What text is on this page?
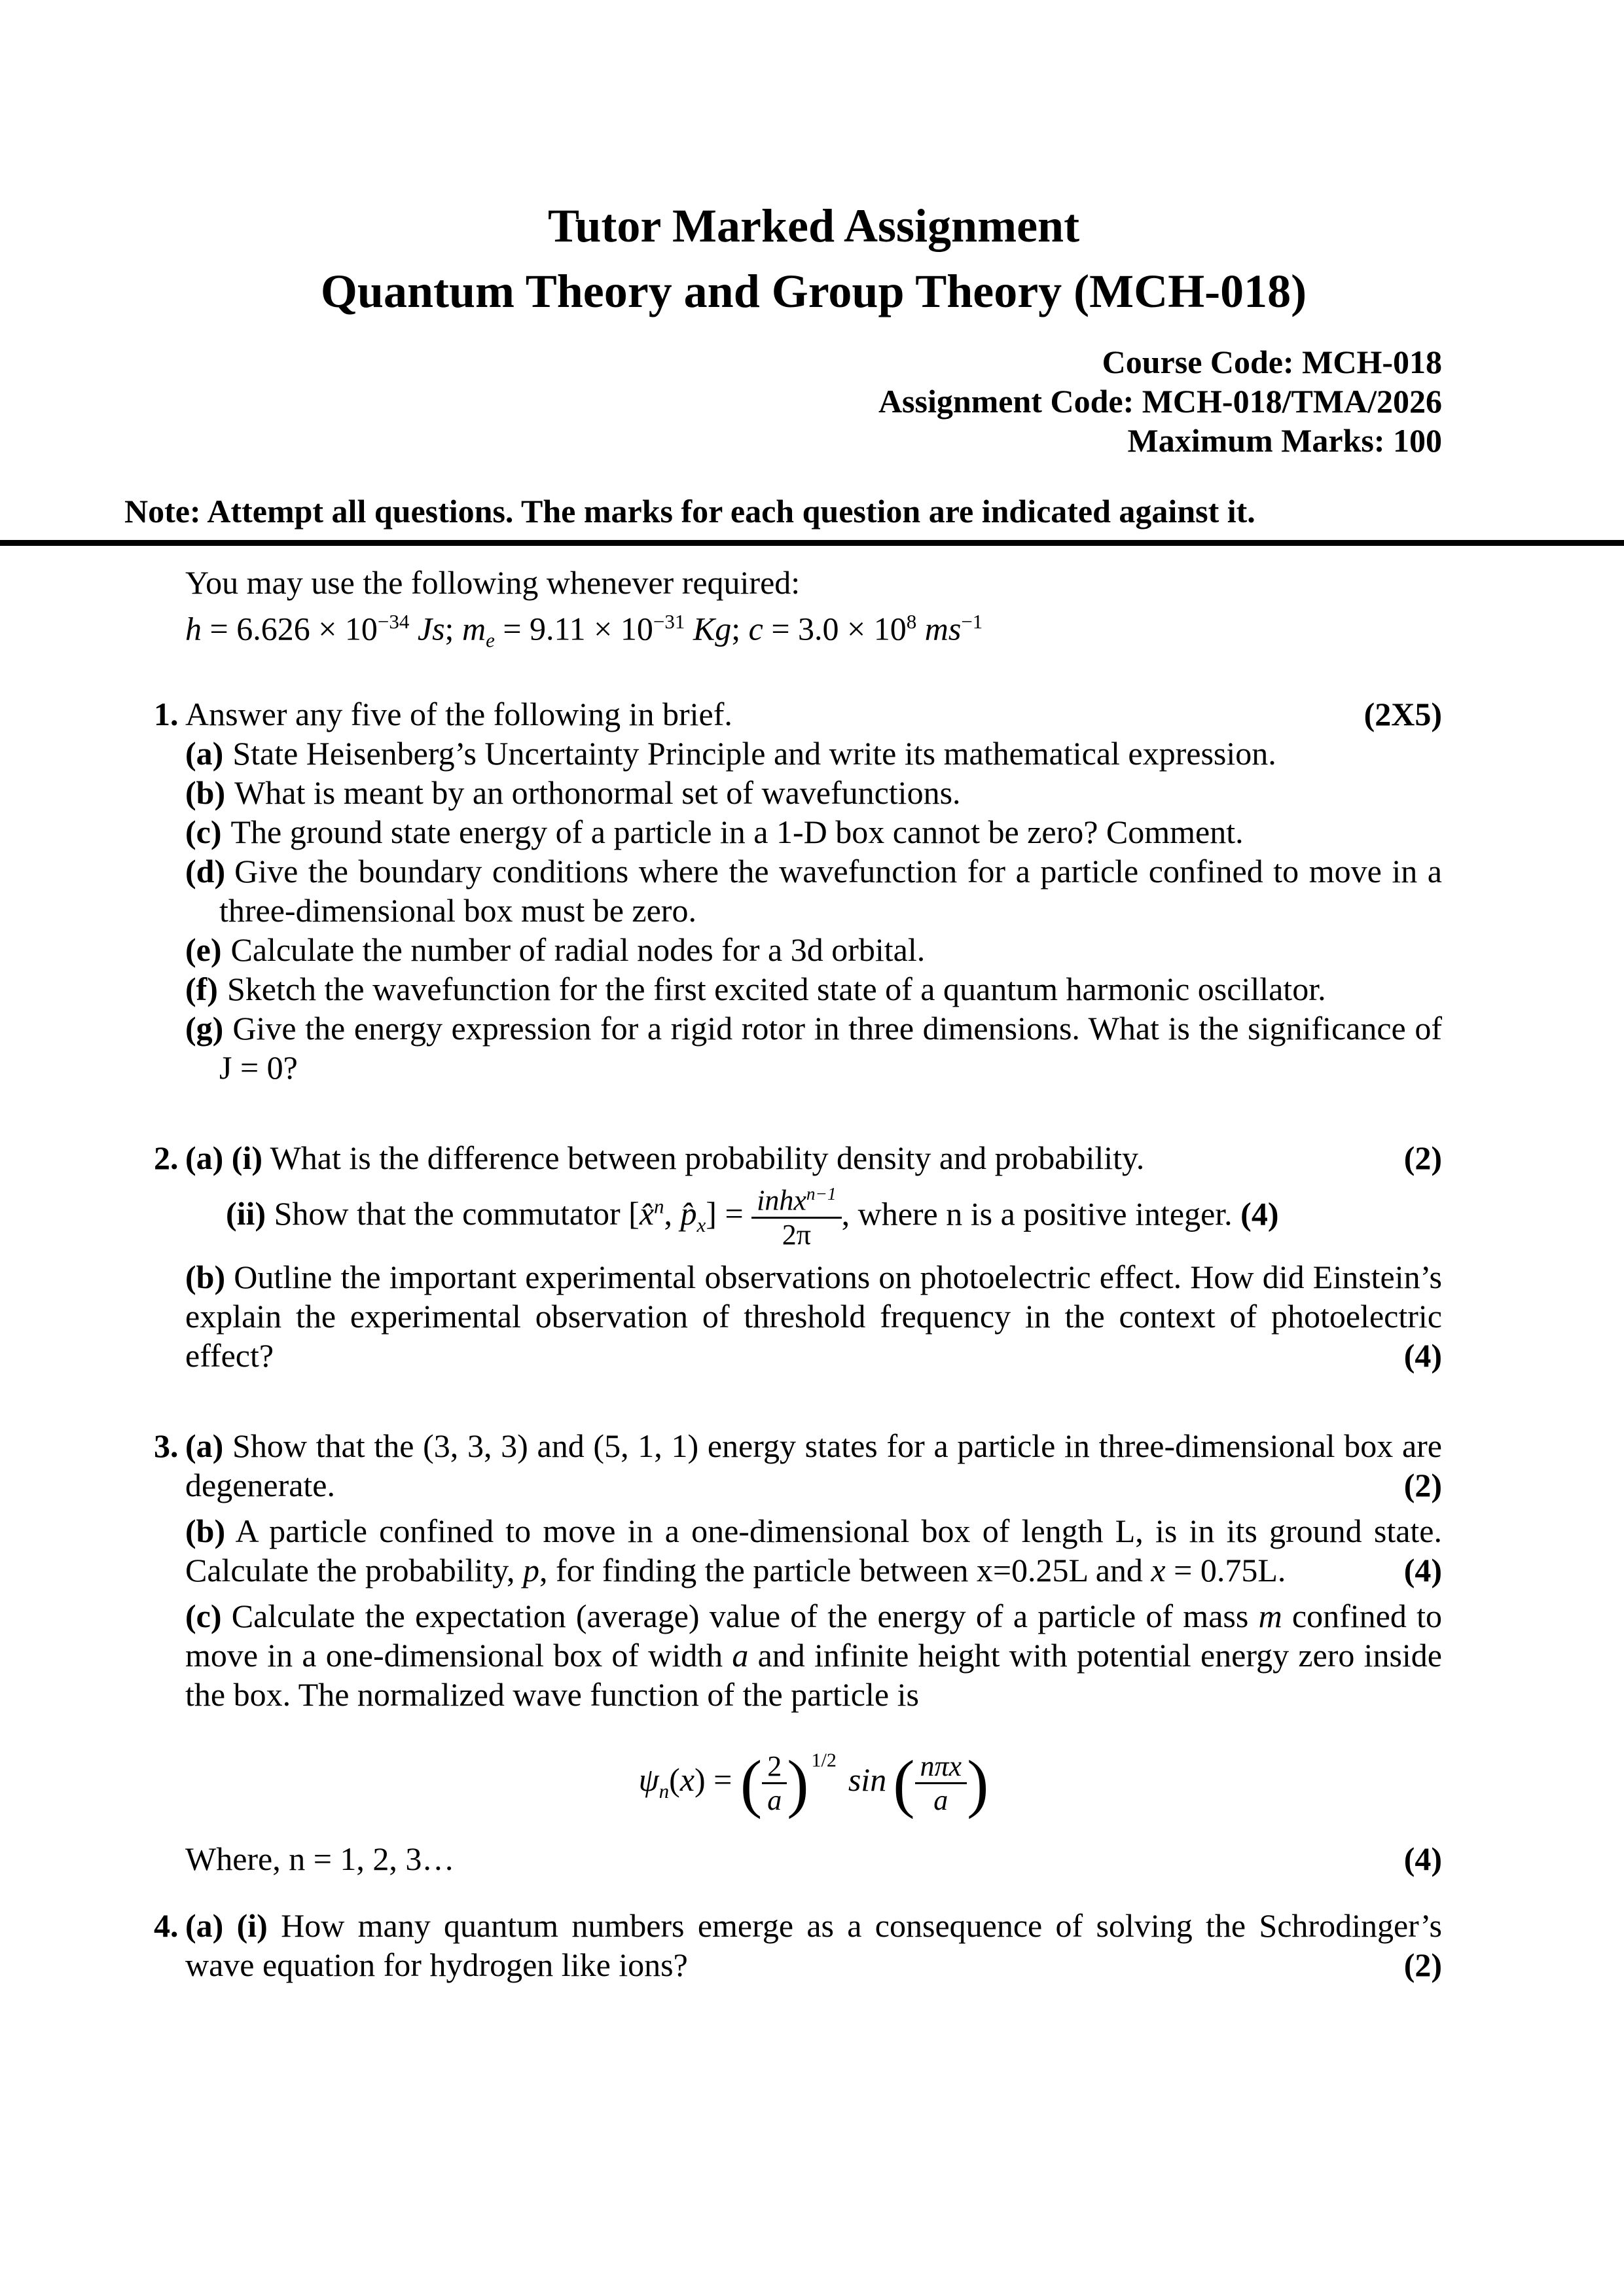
Tutor Marked Assignment
Quantum Theory and Group Theory (MCH-018)
Course Code: MCH-018
Assignment Code: MCH-018/TMA/2026
Maximum Marks: 100
Note: Attempt all questions. The marks for each question are indicated against it.
You may use the following whenever required:
$h = 6.626 \times 10^{-34}$ Js; $m_e = 9.11 \times 10^{-31}$ Kg; $c = 3.0 \times 10^8$ $ms^{-1}$
1. Answer any five of the following in brief.	(2X5)
(a) State Heisenberg’s Uncertainty Principle and write its mathematical expression.
(b) What is meant by an orthonormal set of wavefunctions.
(c) The ground state energy of a particle in a 1-D box cannot be zero? Comment.
(d) Give the boundary conditions where the wavefunction for a particle confined to move in a three-dimensional box must be zero.
(e) Calculate the number of radial nodes for a 3d orbital.
(f) Sketch the wavefunction for the first excited state of a quantum harmonic oscillator.
(g) Give the energy expression for a rigid rotor in three dimensions. What is the significance of J = 0?
2. (a) (i) What is the difference between probability density and probability.	(2)
(ii) Show that the commutator [x̂$^n$, $p̂_x] = \frac{inhx^{n-1}}{2\pi}$ , where n is a positive integer. (4)
(b) Outline the important experimental observations on photoelectric effect. How did Einstein’s explain the experimental observation of threshold frequency in the context of photoelectric effect?	(4)
3. (a) Show that the (3, 3, 3) and (5, 1, 1) energy states for a particle in three-dimensional box are degenerate.	(2)
(b) A particle confined to move in a one-dimensional box of length L, is in its ground state. Calculate the probability, p, for finding the particle between x=0.25L and x = 0.75L.	(4)
(c) Calculate the expectation (average) value of the energy of a particle of mass m confined to move in a one-dimensional box of width a and infinite height with potential energy zero inside the box. The normalized wave function of the particle is
$\psi_n(x)$ = ( $\frac{2}{a}$ ) $^{1/2}$sin ( $\frac{\text{nπx}}{a}$ )
Where, n = 1, 2, 3…	(4)
4. (a) (i) How many quantum numbers emerge as a consequence of solving the Schrodinger’s wave equation for hydrogen like ions?	(2)
